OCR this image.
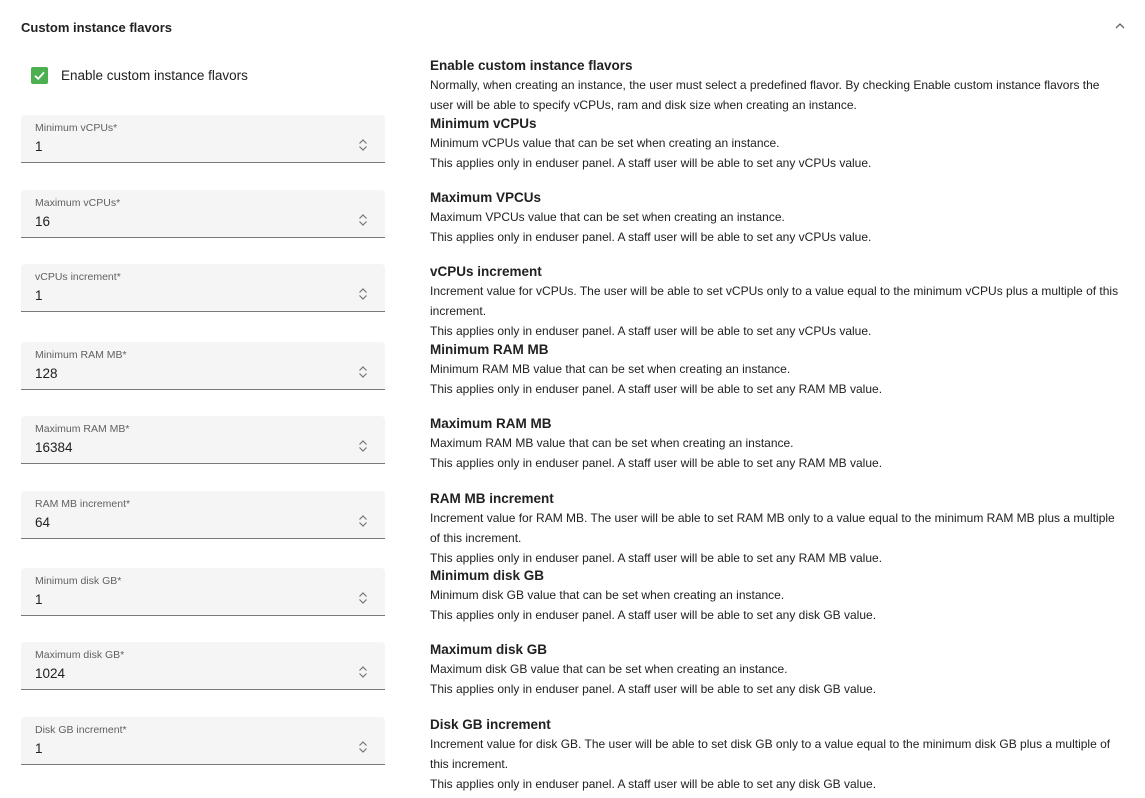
Custom instance flavors
Enable custom instance flavors
Minimum vCPUs*
1
Maximum vCPUs*
16
vCPUs increment*
1
Minimum RAM MB*
128
Maximum RAM MB*
16384
RAM MB increment*
64
Minimum disk GB*
1
Maximum disk GB*
1024
Disk GB increment*
1
Enable custom instance flavors
Normally, when creating an instance, the user must select a predefined flavor. By checking Enable custom instance flavors the user will be able to specify vCPUs, ram and disk size when creating an instance.
Minimum vCPUs
Minimum vCPUs value that can be set when creating an instance.
This applies only in enduser panel. A staff user will be able to set any vCPUs value.
Maximum VPCUs
Maximum VPCUs value that can be set when creating an instance.
This applies only in enduser panel. A staff user will be able to set any vCPUs value.
vCPUs increment
Increment value for vCPUs. The user will be able to set vCPUs only to a value equal to the minimum vCPUs plus a multiple of this increment.
This applies only in enduser panel. A staff user will be able to set any vCPUs value.
Minimum RAM MB
Minimum RAM MB value that can be set when creating an instance.
This applies only in enduser panel. A staff user will be able to set any RAM MB value.
Maximum RAM MB
Maximum RAM MB value that can be set when creating an instance.
This applies only in enduser panel. A staff user will be able to set any RAM MB value.
RAM MB increment
Increment value for RAM MB. The user will be able to set RAM MB only to a value equal to the minimum RAM MB plus a multiple of this increment.
This applies only in enduser panel. A staff user will be able to set any RAM MB value.
Minimum disk GB
Minimum disk GB value that can be set when creating an instance.
This applies only in enduser panel. A staff user will be able to set any disk GB value.
Maximum disk GB
Maximum disk GB value that can be set when creating an instance.
This applies only in enduser panel. A staff user will be able to set any disk GB value.
Disk GB increment
Increment value for disk GB. The user will be able to set disk GB only to a value equal to the minimum disk GB plus a multiple of this increment.
This applies only in enduser panel. A staff user will be able to set any disk GB value.
